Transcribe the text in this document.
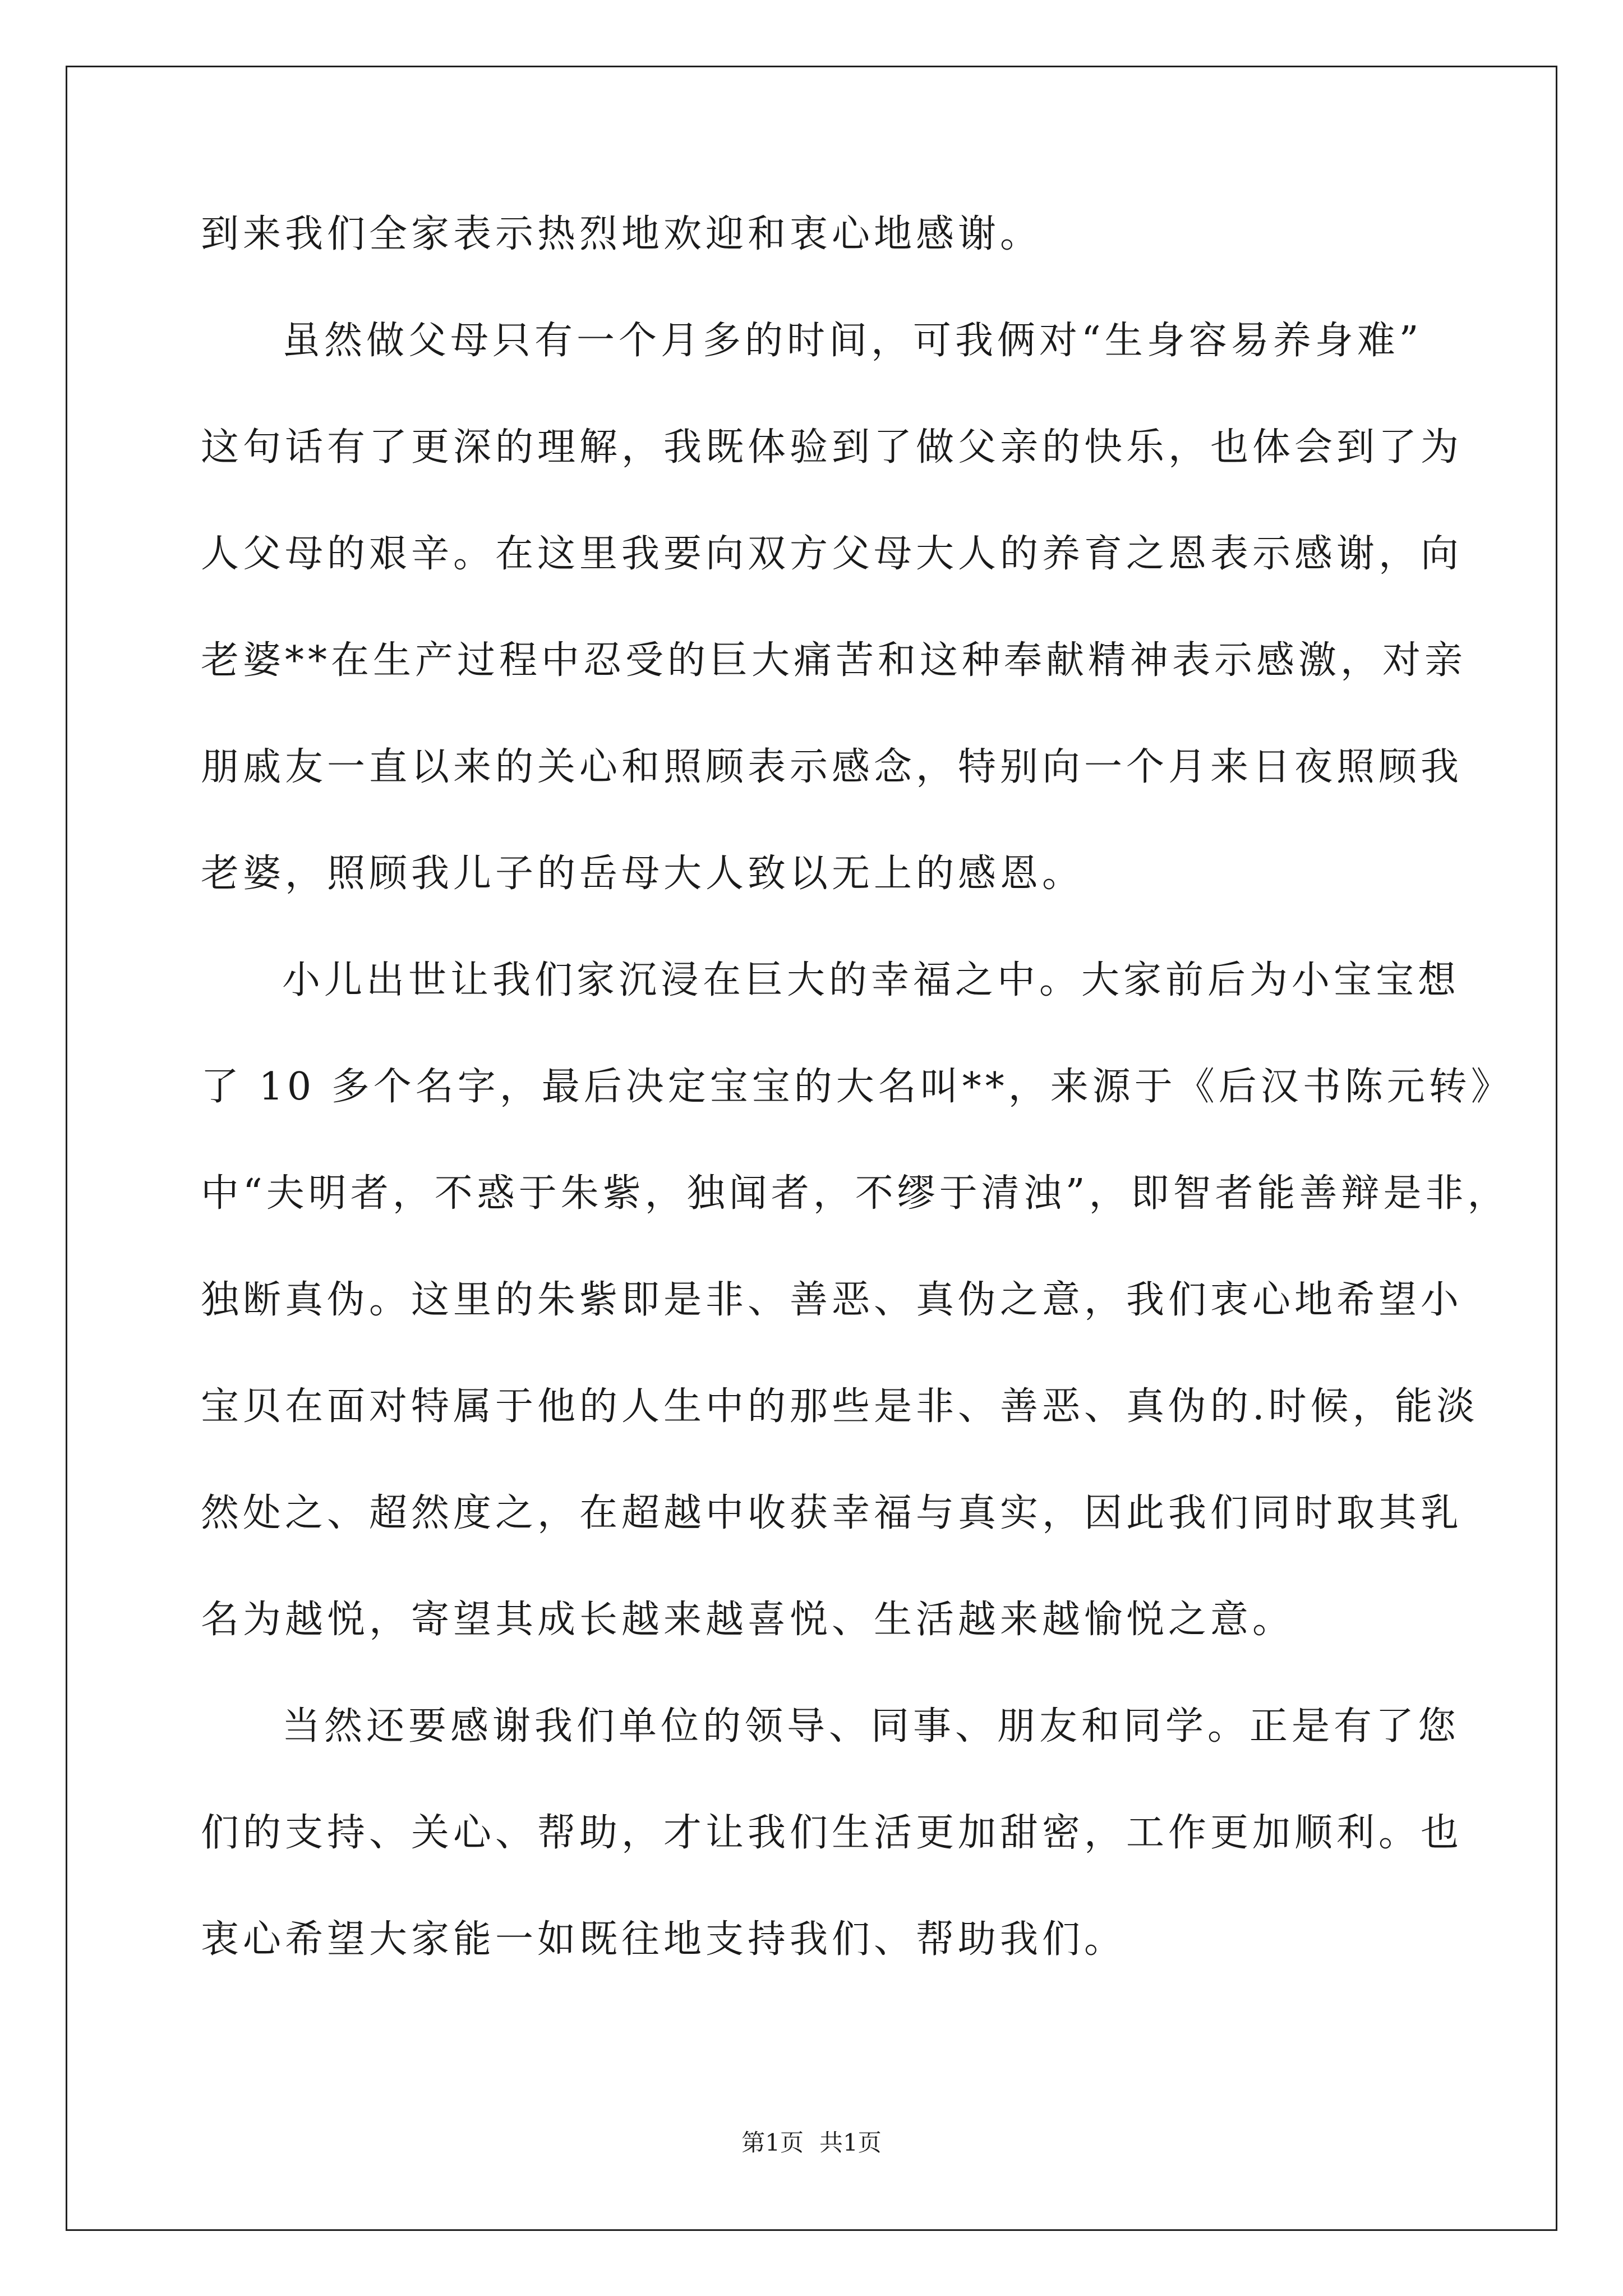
到来我们全家表示热烈地欢迎和衷心地感谢。
虽然做父母只有一个月多的时间，可我俩对“生身容易养身难”
这句话有了更深的理解，我既体验到了做父亲的快乐，也体会到了为
人父母的艰辛。在这里我要向双方父母大人的养育之恩表示感谢，向
老婆**在生产过程中忍受的巨大痛苦和这种奉献精神表示感激，对亲
朋戚友一直以来的关心和照顾表示感念，特别向一个月来日夜照顾我
老婆，照顾我儿子的岳母大人致以无上的感恩。
小儿出世让我们家沉浸在巨大的幸福之中。大家前后为小宝宝想
了 10 多个名字，最后决定宝宝的大名叫**，来源于《后汉书陈元转》
中“夫明者，不惑于朱紫，独闻者，不缪于清浊”，即智者能善辩是非，
独断真伪。这里的朱紫即是非、善恶、真伪之意，我们衷心地希望小
宝贝在面对特属于他的人生中的那些是非、善恶、真伪的.时候，能淡
然处之、超然度之，在超越中收获幸福与真实，因此我们同时取其乳
名为越悦，寄望其成长越来越喜悦、生活越来越愉悦之意。
当然还要感谢我们单位的领导、同事、朋友和同学。正是有了您
们的支持、关心、帮助，才让我们生活更加甜密，工作更加顺利。也
衷心希望大家能一如既往地支持我们、帮助我们。
第1页 共1页
